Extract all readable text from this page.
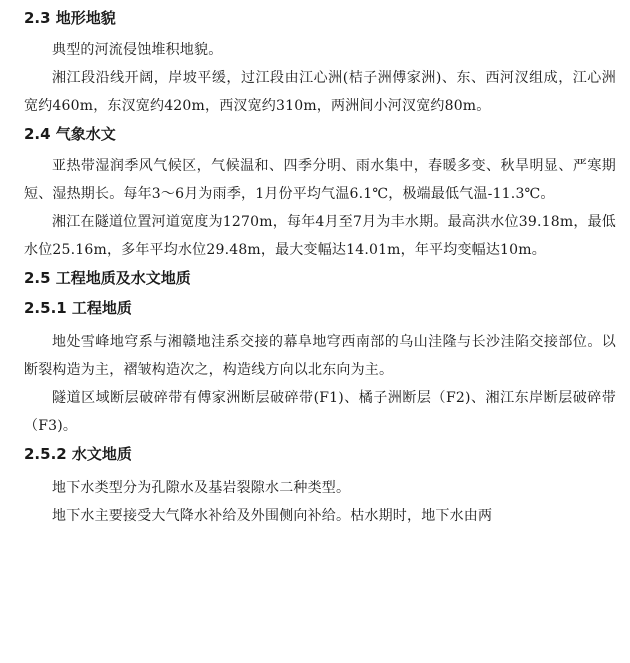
2.3 地形地貌

典型的河流侵蚀堆积地貌。

湘江段沿线开阔，岸坡平缓，过江段由江心洲(桔子洲傅家洲)、东、西河汊组成，江心洲宽约460m，东汊宽约420m，西汊宽约310m，两洲间小河汊宽约80m。

2.4 气象水文

亚热带湿润季风气候区，气候温和、四季分明、雨水集中，春暖多变、秋旱明显、严寒期短、湿热期长。每年3～6月为雨季，1月份平均气温6.1℃，极端最低气温-11.3℃。

湘江在隧道位置河道宽度为1270m，每年4月至7月为丰水期。最高洪水位39.18m，最低水位25.16m，多年平均水位29.48m，最大变幅达14.01m，年平均变幅达10m。

2.5 工程地质及水文地质
2.5.1 工程地质

地处雪峰地穹系与湘赣地洼系交接的幕阜地穹西南部的乌山洼隆与长沙洼陷交接部位。以断裂构造为主，褶皱构造次之，构造线方向以北东向为主。

隧道区域断层破碎带有傅家洲断层破碎带(F1)、橘子洲断层（F2)、湘江东岸断层破碎带（F3)。

2.5.2 水文地质

地下水类型分为孔隙水及基岩裂隙水二种类型。

地下水主要接受大气降水补给及外围侧向补给。枯水期时，地下水由两
